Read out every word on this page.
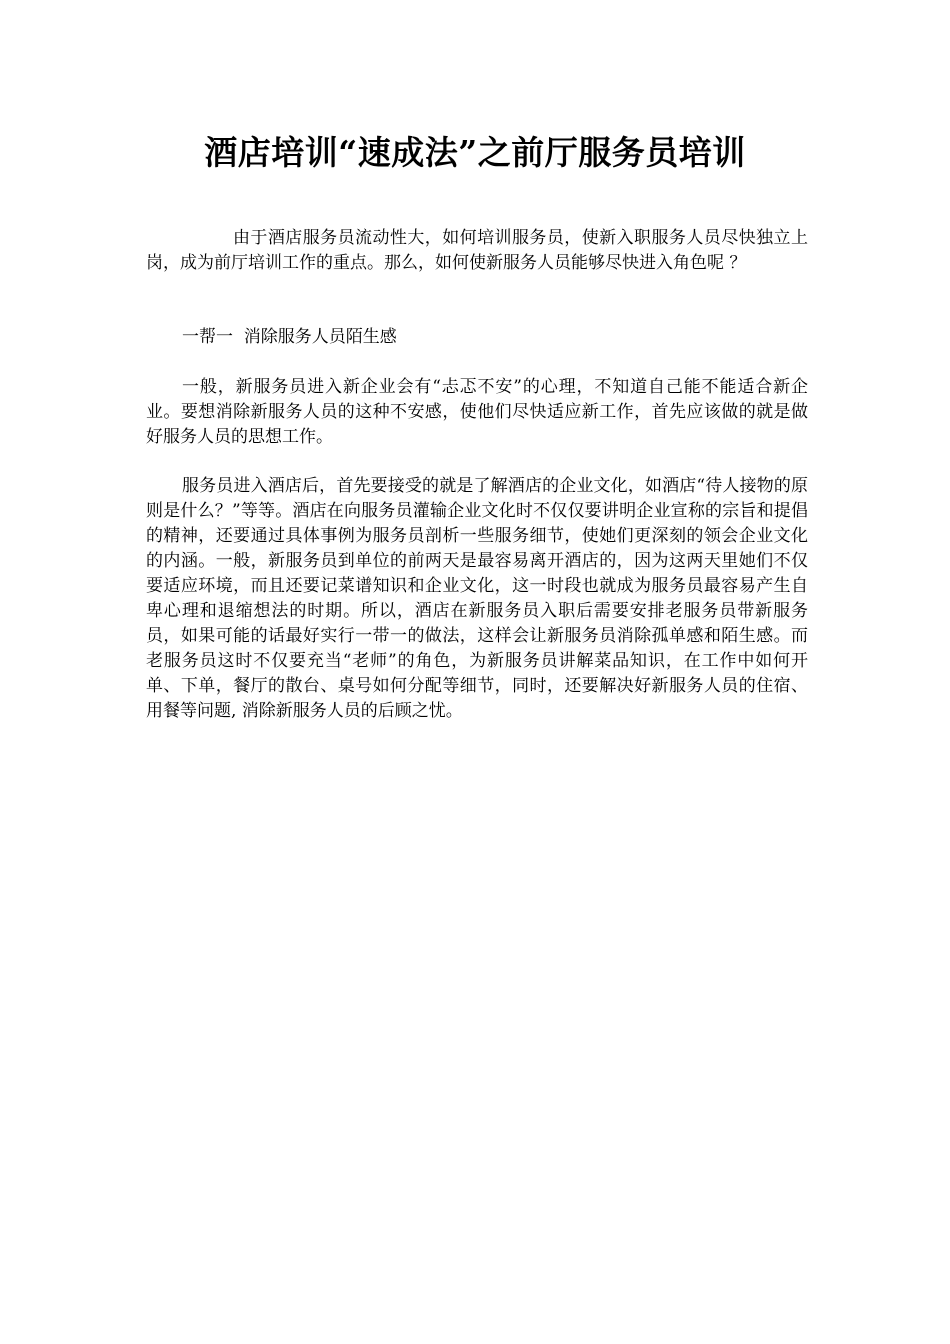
酒店培训“速成法”之前厅服务员培训

由于酒店服务员流动性大，如何培训服务员，使新入职服务人员尽快独立上岗，成为前厅培训工作的重点。那么，如何使新服务人员能够尽快进入角色呢 ？

一帮一  消除服务人员陌生感

一般，新服务员进入新企业会有“忐忑不安”的心理，不知道自己能不能适合新企业。要想消除新服务人员的这种不安感，使他们尽快适应新工作，首先应该做的就是做好服务人员的思想工作。

服务员进入酒店后，首先要接受的就是了解酒店的企业文化，如酒店“待人接物的原则是什么？”等等。酒店在向服务员灌输企业文化时不仅仅要讲明企业宣称的宗旨和提倡的精神，还要通过具体事例为服务员剖析一些服务细节，使她们更深刻的领会企业文化的内涵。一般，新服务员到单位的前两天是最容易离开酒店的，因为这两天里她们不仅要适应环境，而且还要记菜谱知识和企业文化，这一时段也就成为服务员最容易产生自卑心理和退缩想法的时期。所以，酒店在新服务员入职后需要安排老服务员带新服务员，如果可能的话最好实行一带一的做法，这样会让新服务员消除孤单感和陌生感。而老服务员这时不仅要充当“老师”的角色，为新服务员讲解菜品知识，在工作中如何开单、下单，餐厅的散台、桌号如何分配等细节，同时，还要解决好新服务人员的住宿、用餐等问题, 消除新服务人员的后顾之忧。
